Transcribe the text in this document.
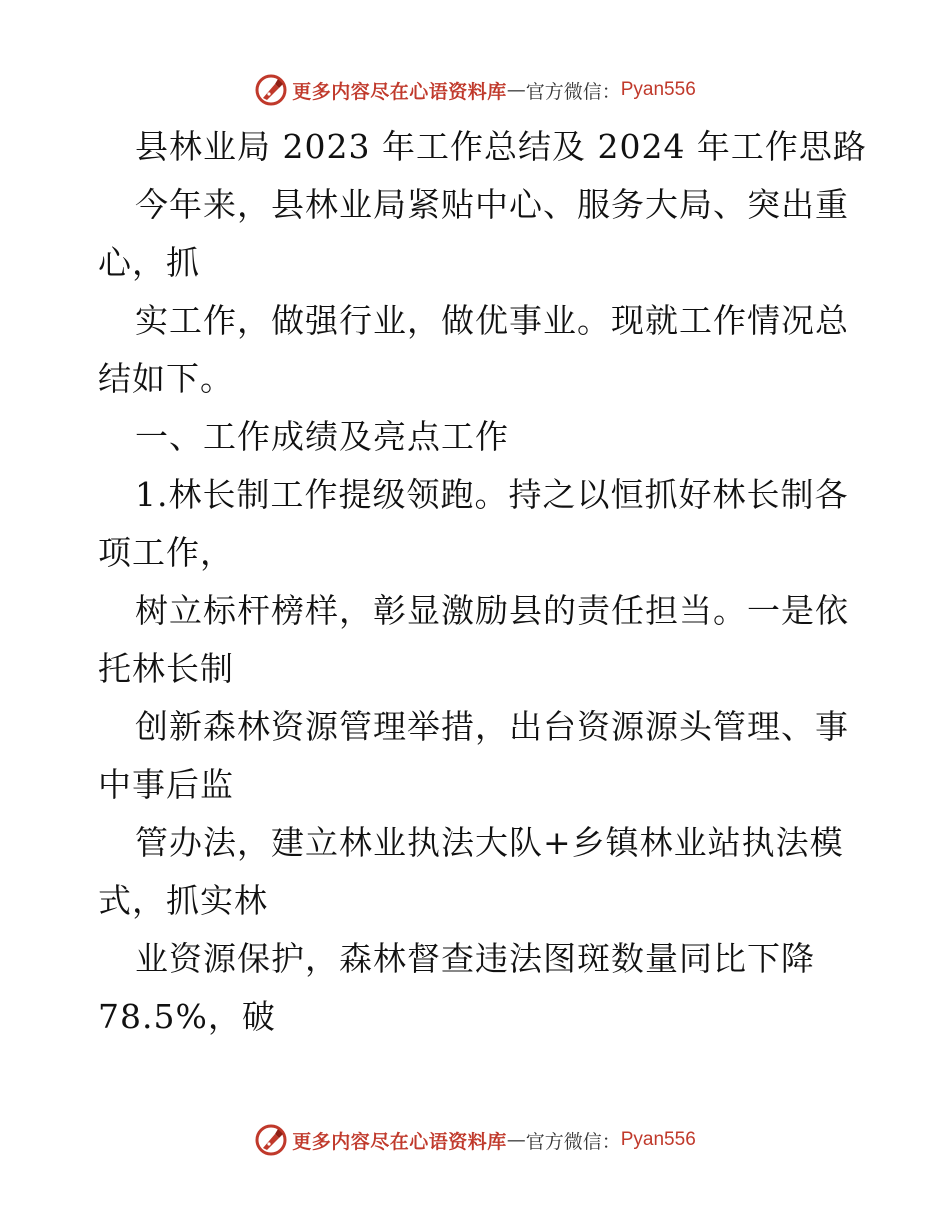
更多内容尽在心语资料库 — 官方微信： Pyan556
县林业局 2023 年工作总结及 2024 年工作思路
今年来，县林业局紧贴中心、服务大局、突出重
心，抓
实工作，做强行业，做优事业。现就工作情况总
结如下。
一、工作成绩及亮点工作
1.林长制工作提级领跑。持之以恒抓好林长制各
项工作，
树立标杆榜样，彰显激励县的责任担当。一是依
托林长制
创新森林资源管理举措，出台资源源头管理、事
中事后监
管办法，建立林业执法大队+乡镇林业站执法模
式，抓实林
业资源保护，森林督查违法图斑数量同比下降
78.5%，破
更多内容尽在心语资料库 — 官方微信： Pyan556
